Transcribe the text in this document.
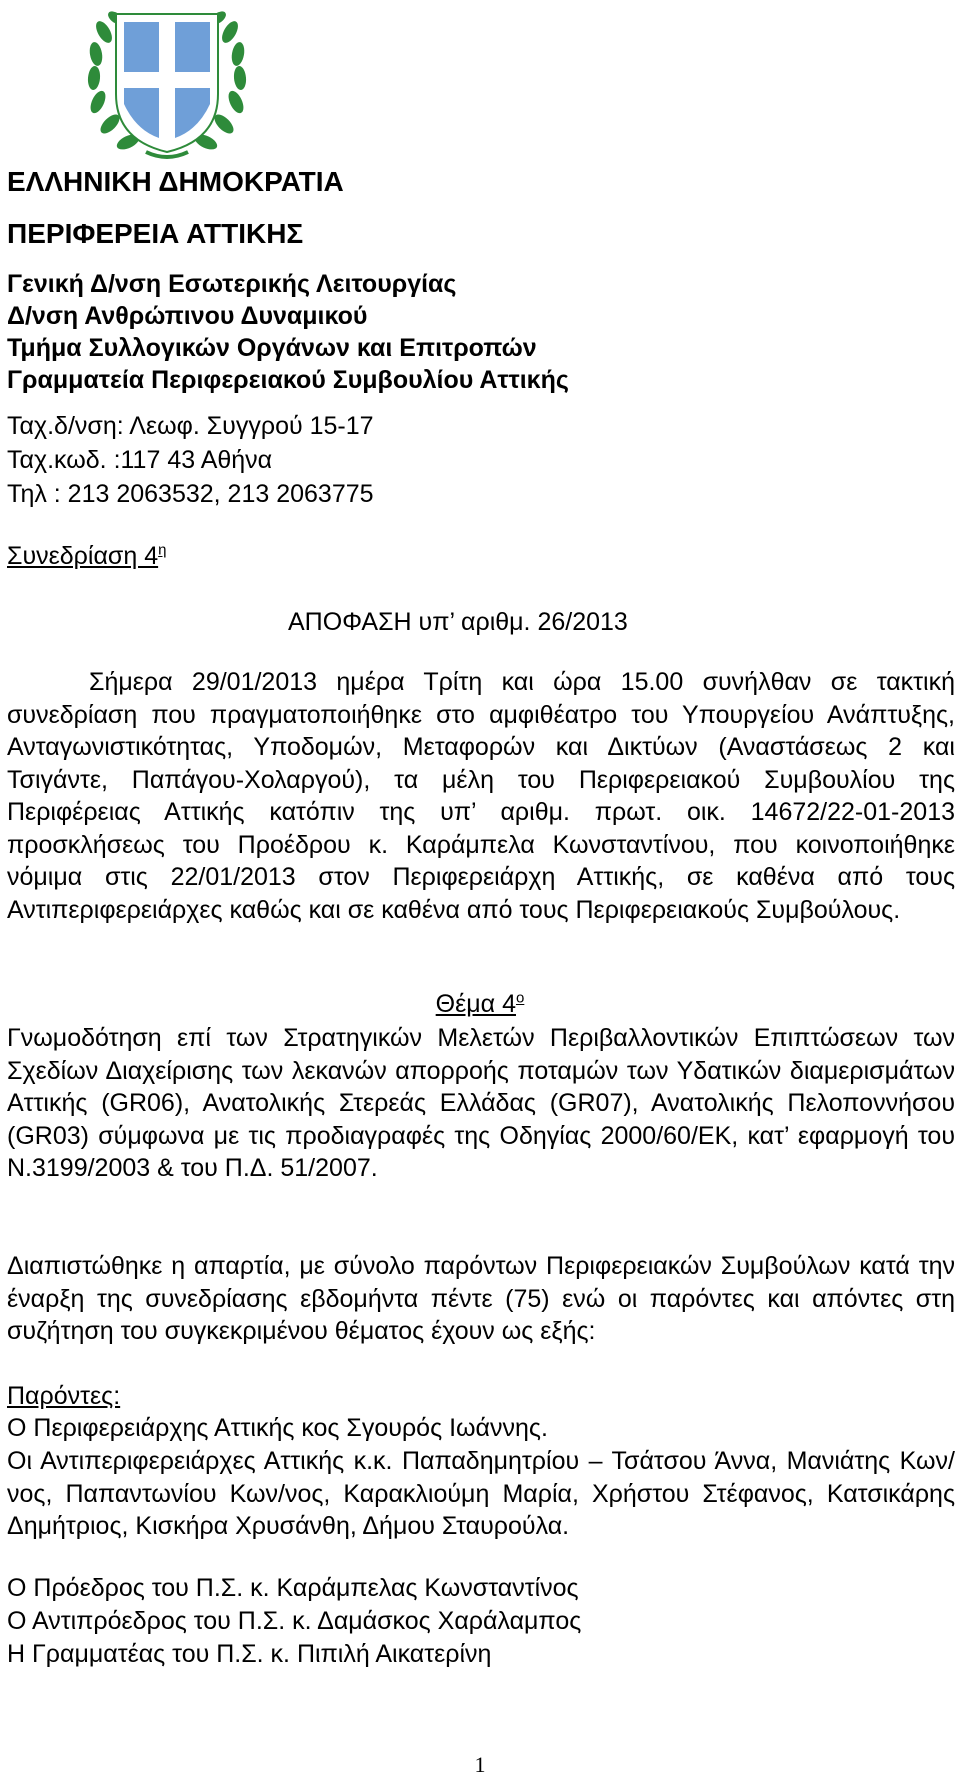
ΕΛΛΗΝΙΚΗ ΔΗΜΟΚΡΑΤΙΑ
ΠΕΡΙΦΕΡΕΙΑ ΑΤΤΙΚΗΣ
Γενική Δ/νση Εσωτερικής Λειτουργίας
Δ/νση Ανθρώπινου Δυναμικού
Τμήμα Συλλογικών Οργάνων και Επιτροπών
Γραμματεία Περιφερειακού Συμβουλίου Αττικής
Ταχ.δ/νση: Λεωφ. Συγγρού 15-17
Ταχ.κωδ. :117 43 Αθήνα
Τηλ : 213 2063532, 213 2063775
Συνεδρίαση $4^\eta$
ΑΠΟΦΑΣΗ υπ’ αριθμ. 26/2013

Σήμερα 29/01/2013 ημέρα Τρίτη και ώρα 15.00 συνήλθαν σε τακτική συνεδρίαση που πραγματοποιήθηκε στο αμφιθέατρο του Υπουργείου Ανάπτυξης, Ανταγωνιστικότητας, Υποδομών, Μεταφορών και Δικτύων (Αναστάσεως 2 και Τσιγάντε, Παπάγου-Χολαργού), τα μέλη του Περιφερειακού Συμβουλίου της Περιφέρειας Αττικής κατόπιν της υπ’ αριθμ. πρωτ. οικ. 14672/22-01-2013 προσκλήσεως του Προέδρου κ. Καράμπελα Κωνσταντίνου, που κοινοποιήθηκε νόμιμα στις 22/01/2013 στον Περιφερειάρχη Αττικής, σε καθένα από τους Αντιπεριφερειάρχες καθώς και σε καθένα από τους Περιφερειακούς Συμβούλους.

Θέμα $4^o$

Γνωμοδότηση επί των Στρατηγικών Μελετών Περιβαλλοντικών Επιπτώσεων των Σχεδίων Διαχείρισης των λεκανών απορροής ποταμών των Υδατικών διαμερισμάτων Αττικής (GR06), Ανατολικής Στερεάς Ελλάδας (GR07), Ανατολικής Πελοποννήσου (GR03) σύμφωνα με τις προδιαγραφές της Οδηγίας 2000/60/ΕΚ, κατ’ εφαρμογή του Ν.3199/2003 & του Π.Δ. 51/2007.

Διαπιστώθηκε η απαρτία, με σύνολο παρόντων Περιφερειακών Συμβούλων κατά την έναρξη της συνεδρίασης εβδομήντα πέντε (75) ενώ οι παρόντες και απόντες στη συζήτηση του συγκεκριμένου θέματος έχουν ως εξής:

Παρόντες:
Ο Περιφερειάρχης Αττικής κος Σγουρός Ιωάννης.

Οι Αντιπεριφερειάρχες Αττικής κ.κ. Παπαδημητρίου – Τσάτσου Άννα, Μανιάτης Κων/νος, Παπαντωνίου Κων/νος, Καρακλιούμη Μαρία, Χρήστου Στέφανος, Κατσικάρης Δημήτριος, Κισκήρα Χρυσάνθη, Δήμου Σταυρούλα.

Ο Πρόεδρος του Π.Σ. κ. Καράμπελας Κωνσταντίνος
Ο Αντιπρόεδρος του Π.Σ. κ. Δαμάσκος Χαράλαμπος
Η Γραμματέας του Π.Σ. κ. Πιπιλή Αικατερίνη
1
